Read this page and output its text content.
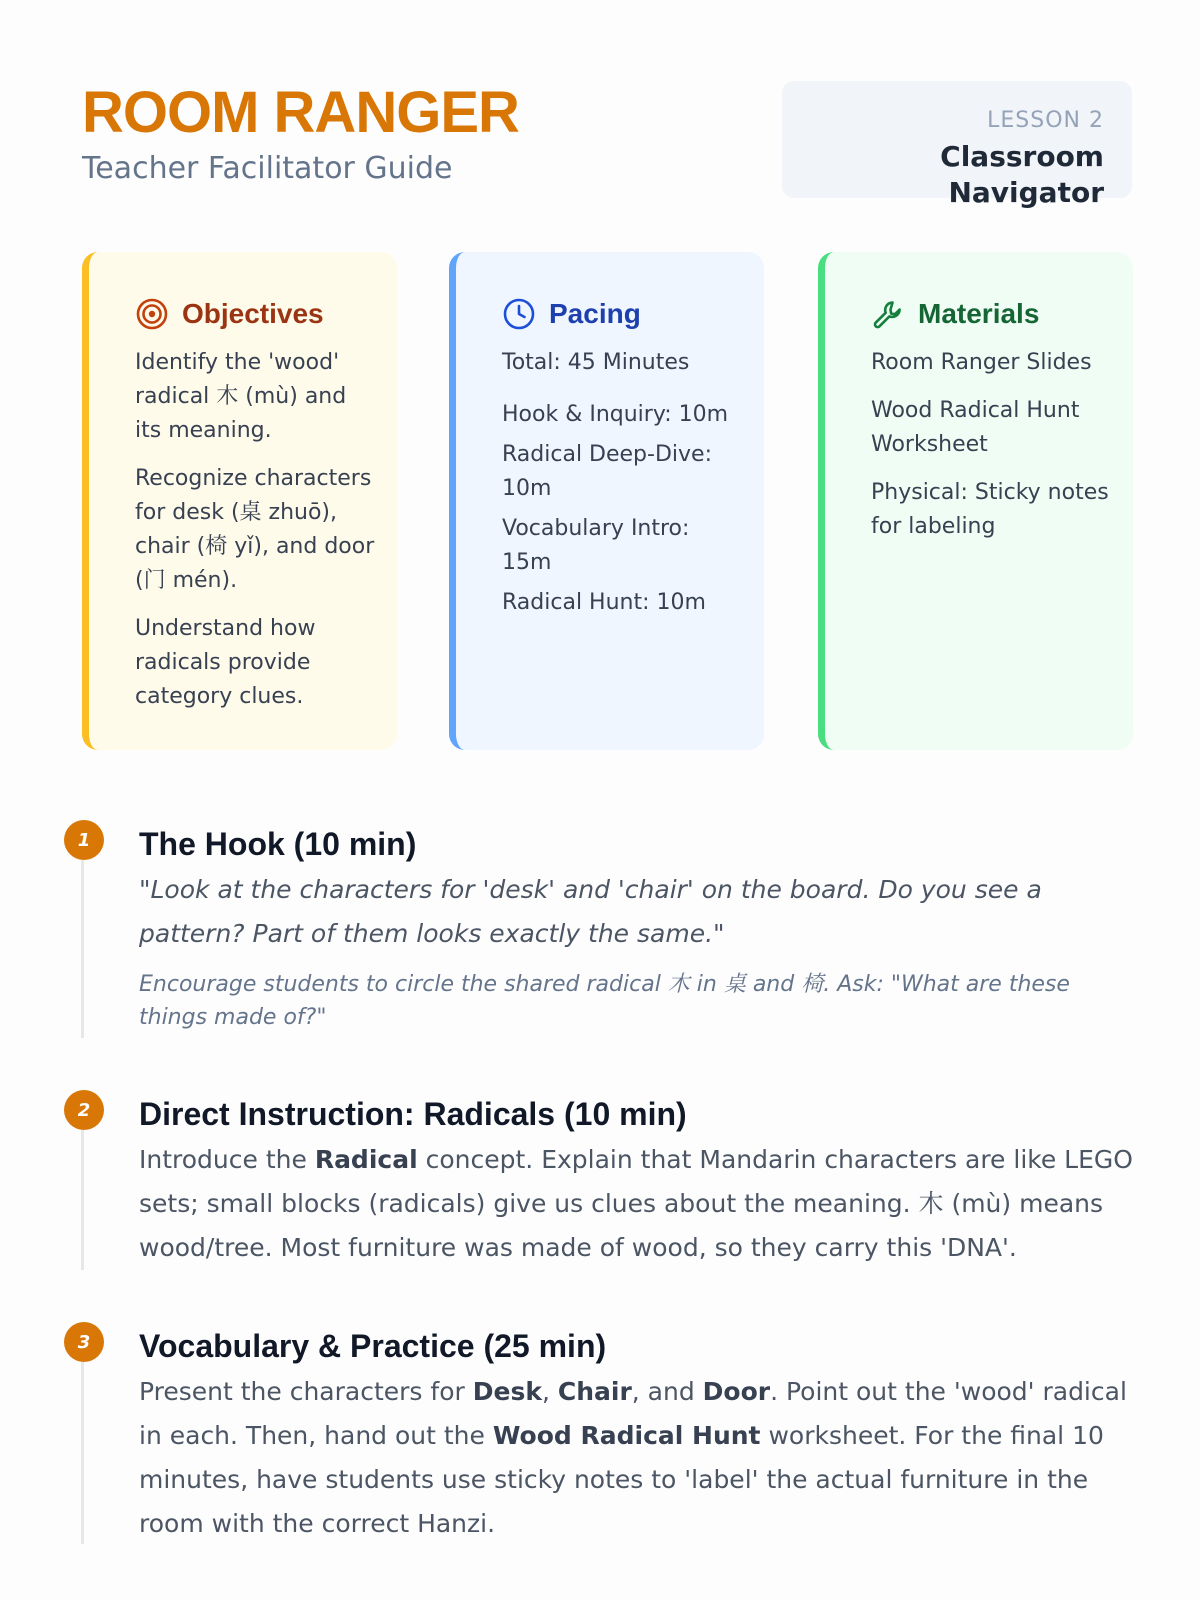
ROOM RANGER
Teacher Facilitator Guide
LESSON 2
Classroom Navigator
Objectives

Identify the 'wood' radical 木 (mù) and its meaning.

Recognize characters for desk (桌 zhuō), chair (椅 yǐ), and door (门 mén).

Understand how radicals provide category clues.

Pacing

Total: 45 Minutes

Hook & Inquiry: 10m

Radical Deep-Dive: 10m

Vocabulary Intro: 15m

Radical Hunt: 10m

Materials

Room Ranger Slides

Wood Radical Hunt Worksheet

Physical: Sticky notes for labeling

1	The Hook (10 min)

"Look at the characters for 'desk' and 'chair' on the board. Do you see a pattern? Part of them looks exactly the same."

Encourage students to circle the shared radical 木 in 桌 and 椅. Ask: "What are these things made of?"

2	Direct Instruction: Radicals (10 min)

Introduce the Radical concept. Explain that Mandarin characters are like LEGO sets; small blocks (radicals) give us clues about the meaning. 木 (mù) means wood/tree. Most furniture was made of wood, so they carry this 'DNA'.

3	Vocabulary & Practice (25 min)

Present the characters for Desk, Chair, and Door. Point out the 'wood' radical in each. Then, hand out the Wood Radical Hunt worksheet. For the final 10 minutes, have students use sticky notes to 'label' the actual furniture in the room with the correct Hanzi.
